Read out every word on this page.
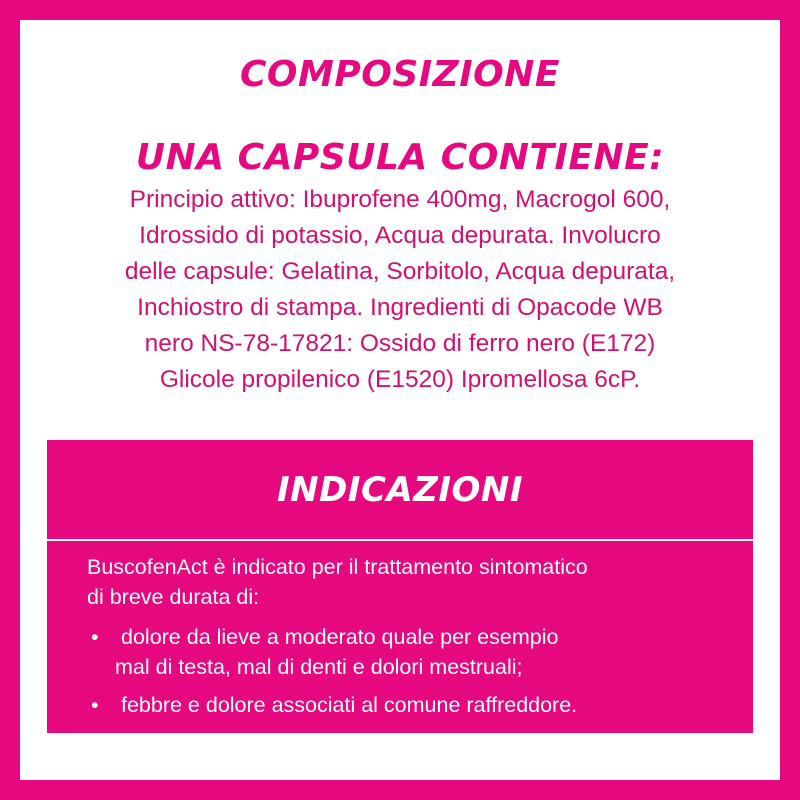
COMPOSIZIONE
UNA CAPSULA CONTIENE:
Principio attivo: Ibuprofene 400mg, Macrogol 600,
Idrossido di potassio, Acqua depurata. Involucro
delle capsule: Gelatina, Sorbitolo, Acqua depurata,
Inchiostro di stampa. Ingredienti di Opacode WB
nero NS-78-17821: Ossido di ferro nero (E172)
Glicole propilenico (E1520) Ipromellosa 6cP.
INDICAZIONI

BuscofenAct è indicato per il trattamento sintomatico
di breve durata di:

• dolore da lieve a moderato quale per esempio
mal di testa, mal di denti e dolori mestruali;
• febbre e dolore associati al comune raffreddore.
